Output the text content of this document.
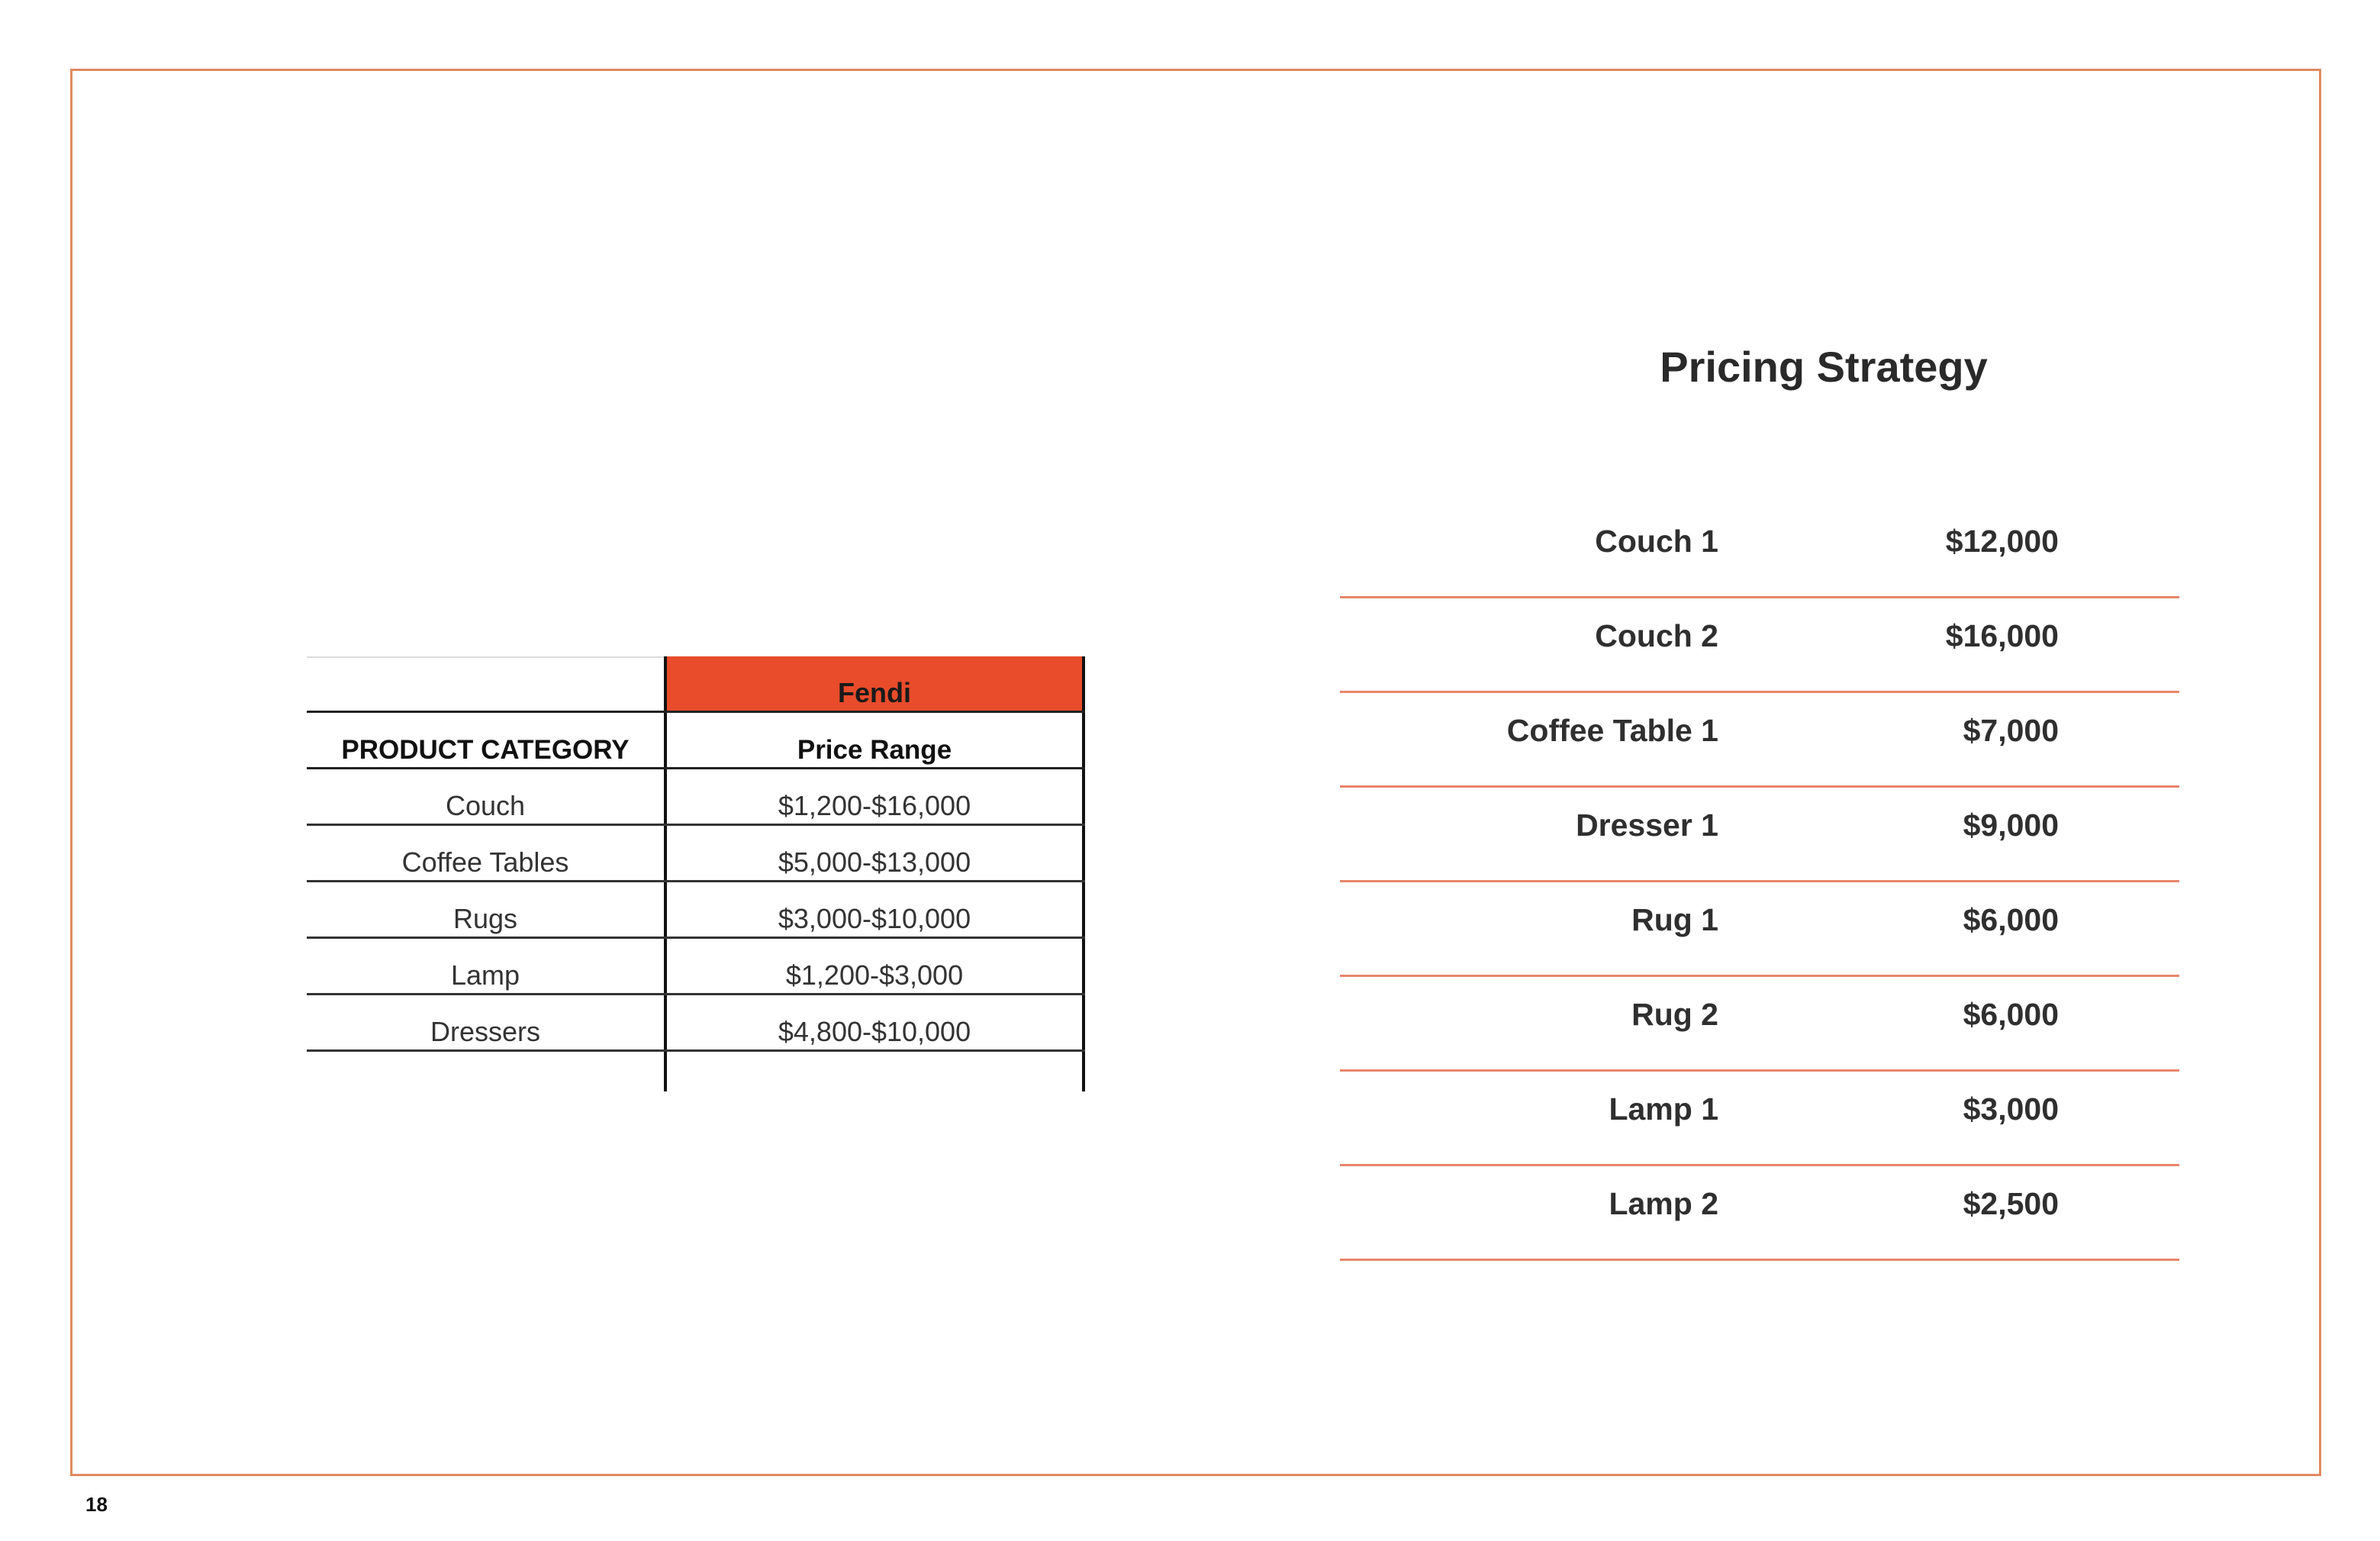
Fendi
PRODUCT CATEGORY	Price Range
Couch	$1,200-$16,000
Coffee Tables	$5,000-$13,000
Rugs	$3,000-$10,000
Lamp	$1,200-$3,000
Dressers	$4,800-$10,000
Pricing Strategy
Couch 1	$12,000
Couch 2	$16,000
Coffee Table 1	$7,000
Dresser 1	$9,000
Rug 1	$6,000
Rug 2	$6,000
Lamp 1	$3,000
Lamp 2	$2,500
18
